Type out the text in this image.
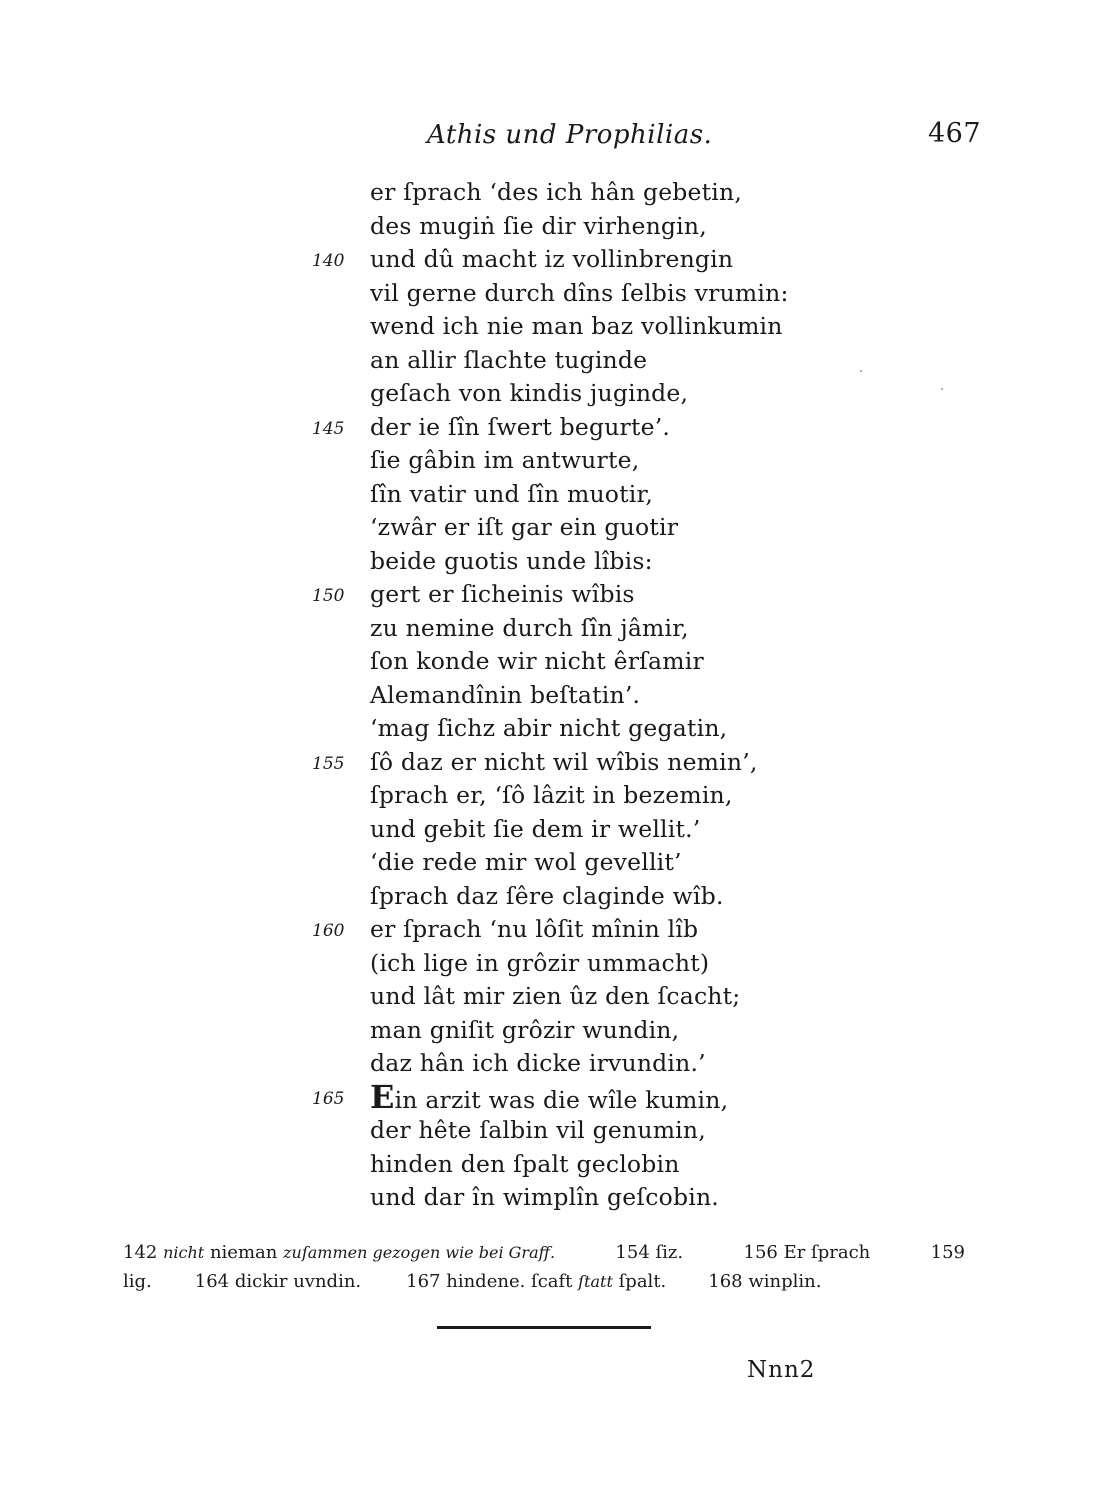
Athis und Prophilias.	467
er ſprach ‘des ich hân gebetin,
des mugiṅ ſie dir virhengin,
140 und dû macht iz vollinbrengin
vil gerne durch dîns ſelbis vrumin:
wend ich nie man baz vollinkumin
an allir ſlachte tuginde
geſach von kindis juginde,
145 der ie ſîn ſwert begurte’.
ſie gâbin im antwurte,
ſîn vatir und ſîn muotir,
‘zwâr er iſt gar ein guotir
beide guotis unde lîbis:
150 gert er ſicheinis wîbis
zu nemine durch ſîn jâmir,
ſon konde wir nicht êrſamir
Alemandînin beſtatin’.
‘mag ſichz abir nicht gegatin,
155 ſô daz er nicht wil wîbis nemin’,
ſprach er, ‘ſô lâzit in bezemin,
und gebit ſie dem ir wellit.’
‘die rede mir wol gevellit’
ſprach daz ſêre claginde wîb.
160 er ſprach ‘nu lôſit mînin lîb
(ich lige in grôzir ummacht)
und lât mir zien ûz den ſcacht;
man gniſit grôzir wundin,
daz hân ich dicke irvundin.’
165 Ein arzit was die wîle kumin,
der hête ſalbin vil genumin,
hinden den ſpalt geclobin
und dar în wimplîn geſcobin.
142 nicht nieman zuſammen gezogen wie bei Graff.	154 ſiz.	156 Er ſprach	159
lig. 164 dickir uvndin.	167 hindene. ſcaft ſtatt ſpalt. 168 winplin.
Nnn2
